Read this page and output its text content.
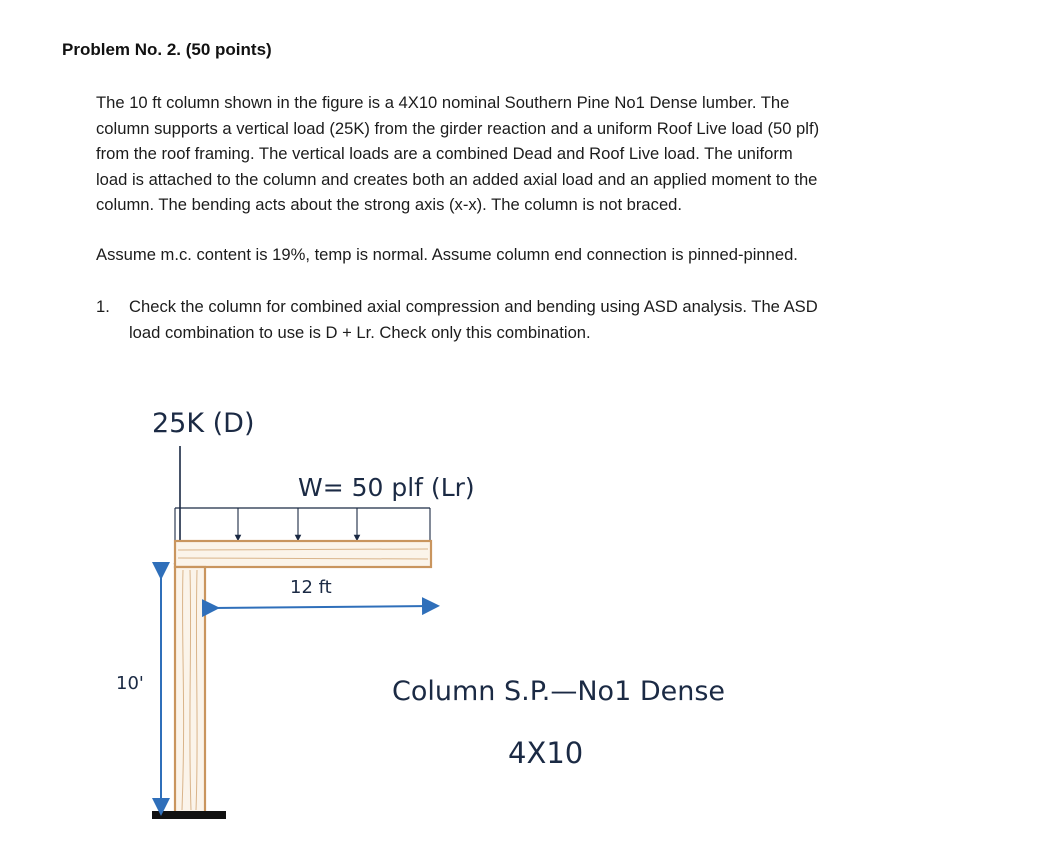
Problem No. 2. (50 points)
The 10 ft column shown in the figure is a 4X10 nominal Southern Pine No1 Dense lumber. The
column supports a vertical load (25K) from the girder reaction and a uniform Roof Live load (50 plf)
from the roof framing. The vertical loads are a combined Dead and Roof Live load. The uniform
load is attached to the column and creates both an added axial load and an applied moment to the
column. The bending acts about the strong axis (x-x). The column is not braced.
Assume m.c. content is 19%, temp is normal. Assume column end connection is pinned-pinned.
1. Check the column for combined axial compression and bending using ASD analysis. The ASD
load combination to use is D + Lr. Check only this combination.
25K (D)
W= 50 plf (Lr)
12 ft
10'	Column S.P.—No1 Dense
4X10
